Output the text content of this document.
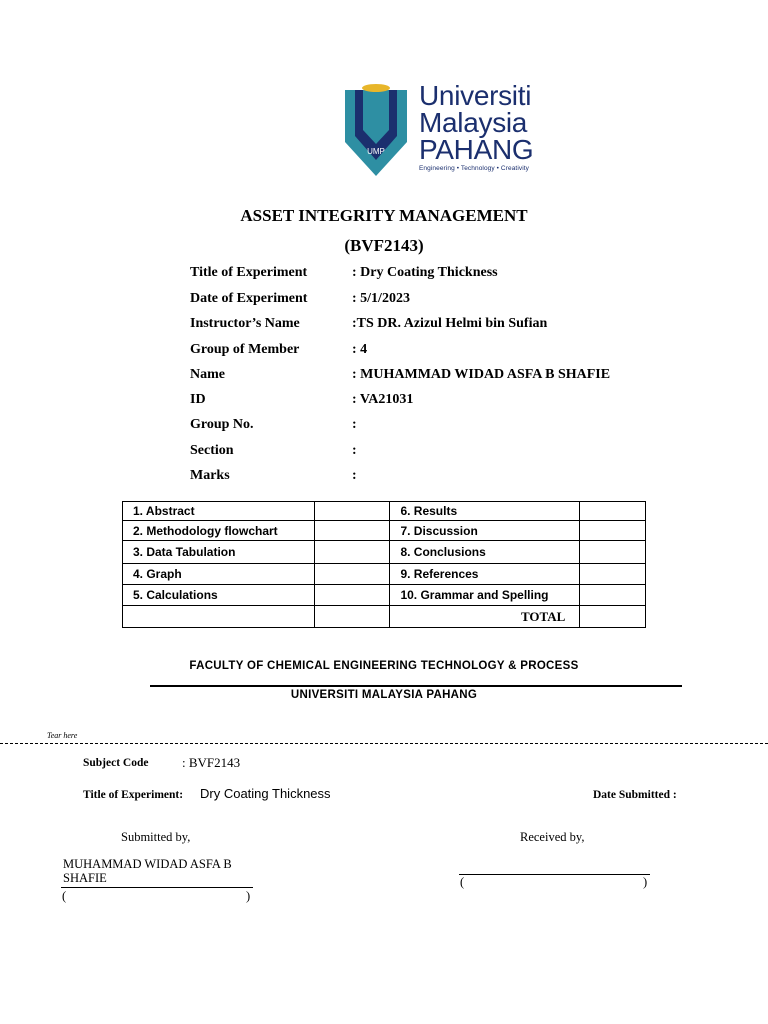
UMP
Universiti
Malaysia
PAHANG
Engineering • Technology • Creativity
ASSET INTEGRITY MANAGEMENT
(BVF2143)
Title of Experiment	: Dry Coating Thickness
Date of Experiment	: 5/1/2023
Instructor’s Name	:TS DR. Azizul Helmi bin Sufian
Group of Member	: 4
Name	: MUHAMMAD WIDAD ASFA B SHAFIE
ID	: VA21031
Group No.	:
Section	:
Marks	:
1. Abstract		6. Results	
2. Methodology flowchart		7. Discussion	
3. Data Tabulation		8. Conclusions	
4. Graph		9. References	
5. Calculations		10. Grammar and Spelling	
		TOTAL	
FACULTY OF CHEMICAL ENGINEERING TECHNOLOGY & PROCESS
UNIVERSITI MALAYSIA PAHANG
Tear here
Subject Code	: BVF2143
Title of Experiment: Dry Coating Thickness	Date Submitted :
Submitted by,	Received by,
MUHAMMAD WIDAD ASFA B
SHAFIE
(	)
(	)
